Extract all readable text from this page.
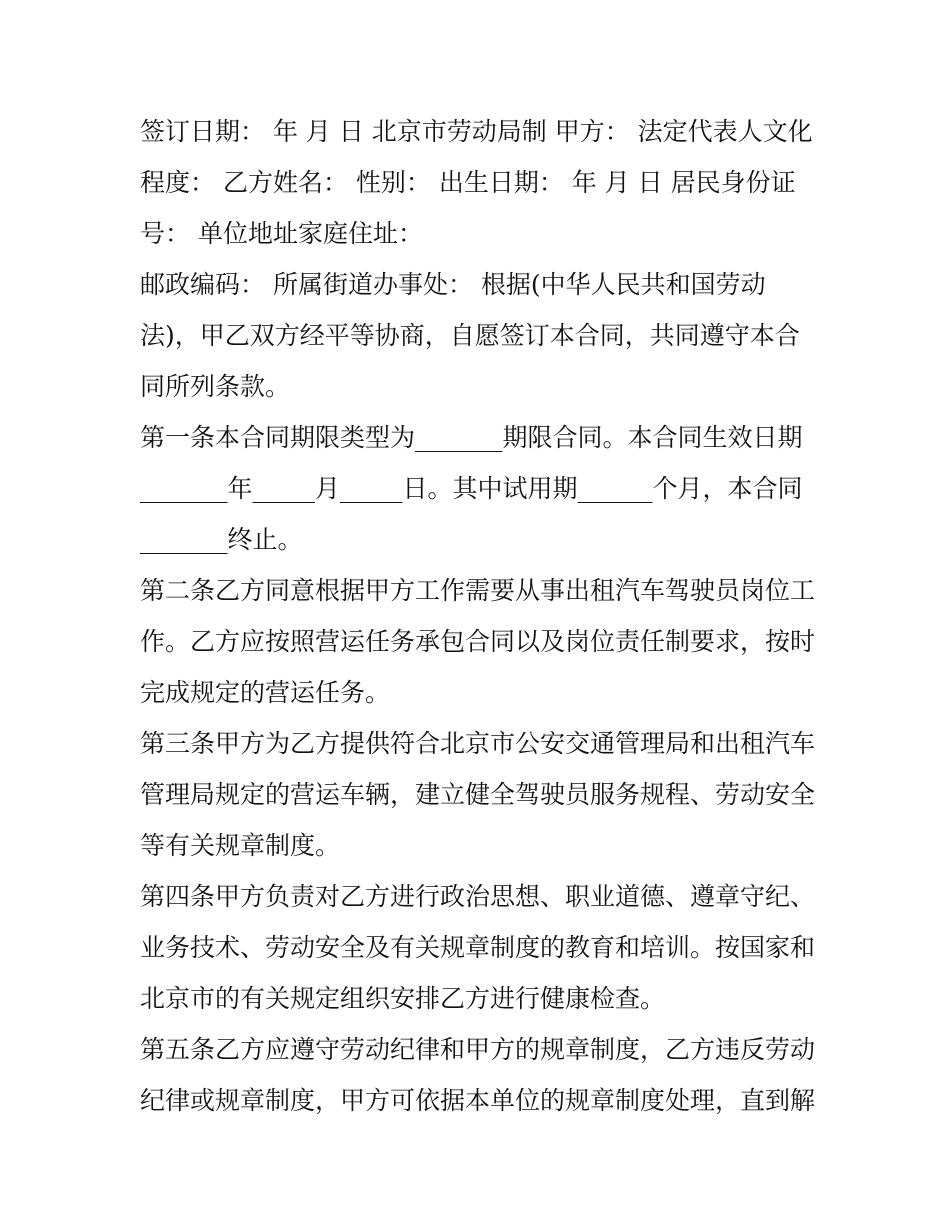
签订日期： 年 月 日 北京市劳动局制 甲方： 法定代表人文化程度： 乙方姓名： 性别： 出生日期： 年 月 日 居民身份证号： 单位地址家庭住址：

邮政编码： 所属街道办事处： 根据(中华人民共和国劳动法)，甲乙双方经平等协商，自愿签订本合同，共同遵守本合同所列条款。

第一条本合同期限类型为_______期限合同。本合同生效日期_______年_____月_____日。其中试用期______个月，本合同_______终止。

第二条乙方同意根据甲方工作需要从事出租汽车驾驶员岗位工作。乙方应按照营运任务承包合同以及岗位责任制要求，按时完成规定的营运任务。

第三条甲方为乙方提供符合北京市公安交通管理局和出租汽车管理局规定的营运车辆，建立健全驾驶员服务规程、劳动安全等有关规章制度。

第四条甲方负责对乙方进行政治思想、职业道德、遵章守纪、业务技术、劳动安全及有关规章制度的教育和培训。按国家和北京市的有关规定组织安排乙方进行健康检查。

第五条乙方应遵守劳动纪律和甲方的规章制度，乙方违反劳动纪律或规章制度，甲方可依据本单位的规章制度处理，直到解
